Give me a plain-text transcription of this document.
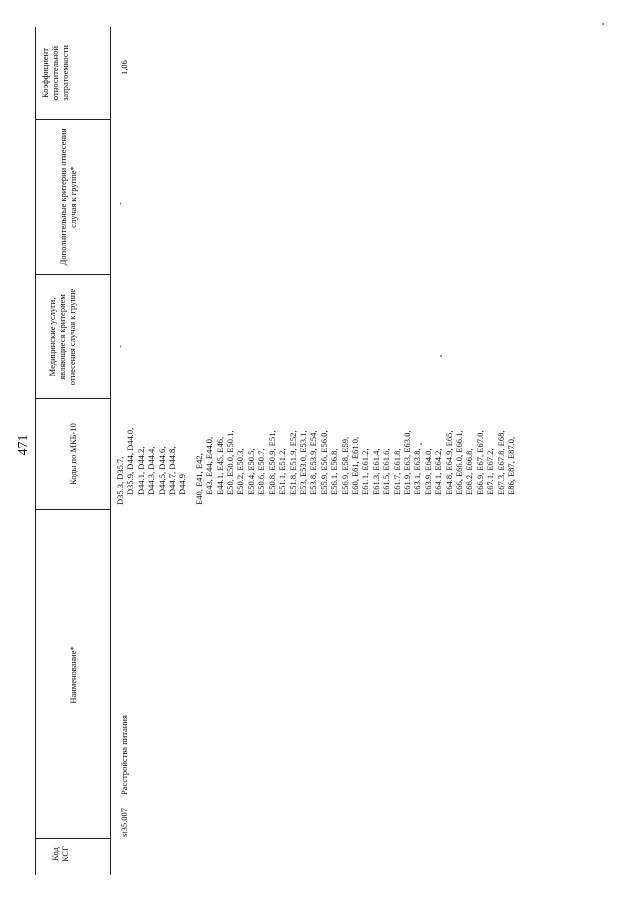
471
Код КСГ
Наименование*
Коды по МКБ-10
Медицинские услуги, являющиеся критерием отнесения случая к группе
Дополнительные критерии отнесения случая к группе*
Коэффициент относительной затратоемкости
D35.3, D35.7, D35.9, D44, D44.0, D44.1, D44.2, D44.3, D44.4, D44.5, D44.6, D44.7, D44.8, D44.9 E40, E41, E42, E43, E44, E44.0, E44.1, E45, E46, E50, E50.0, E50.1, E50.2, E50.3, E50.4, E50.5, E50.6, E50.7, E50.8, E50.9, E51, E51.1, E51.2, E51.8, E51.9, E52, E53, E53.0, E53.1, E53.8, E53.9, E54, E55.9, E56, E56.0, E56.1, E56.8, E56.9, E58, E59, E60, E61, E61.0, E61.1, E61.2, E61.3, E61.4, E61.5, E61.6, E61.7, E61.8, E61.9, E63, E63.0, E63.1, E63.8, E63.9, E64.0, E64.1, E64.2, E64.8, E64.9, E65, E66, E66.0, E66.1, E66.2, E66.8, E66.9, E67, E67.0, E67.1, E67.2, E67.3, E67.8, E68, E86, E87, E87.0,
st35.007
Расстройства питания
-
-
1,06
